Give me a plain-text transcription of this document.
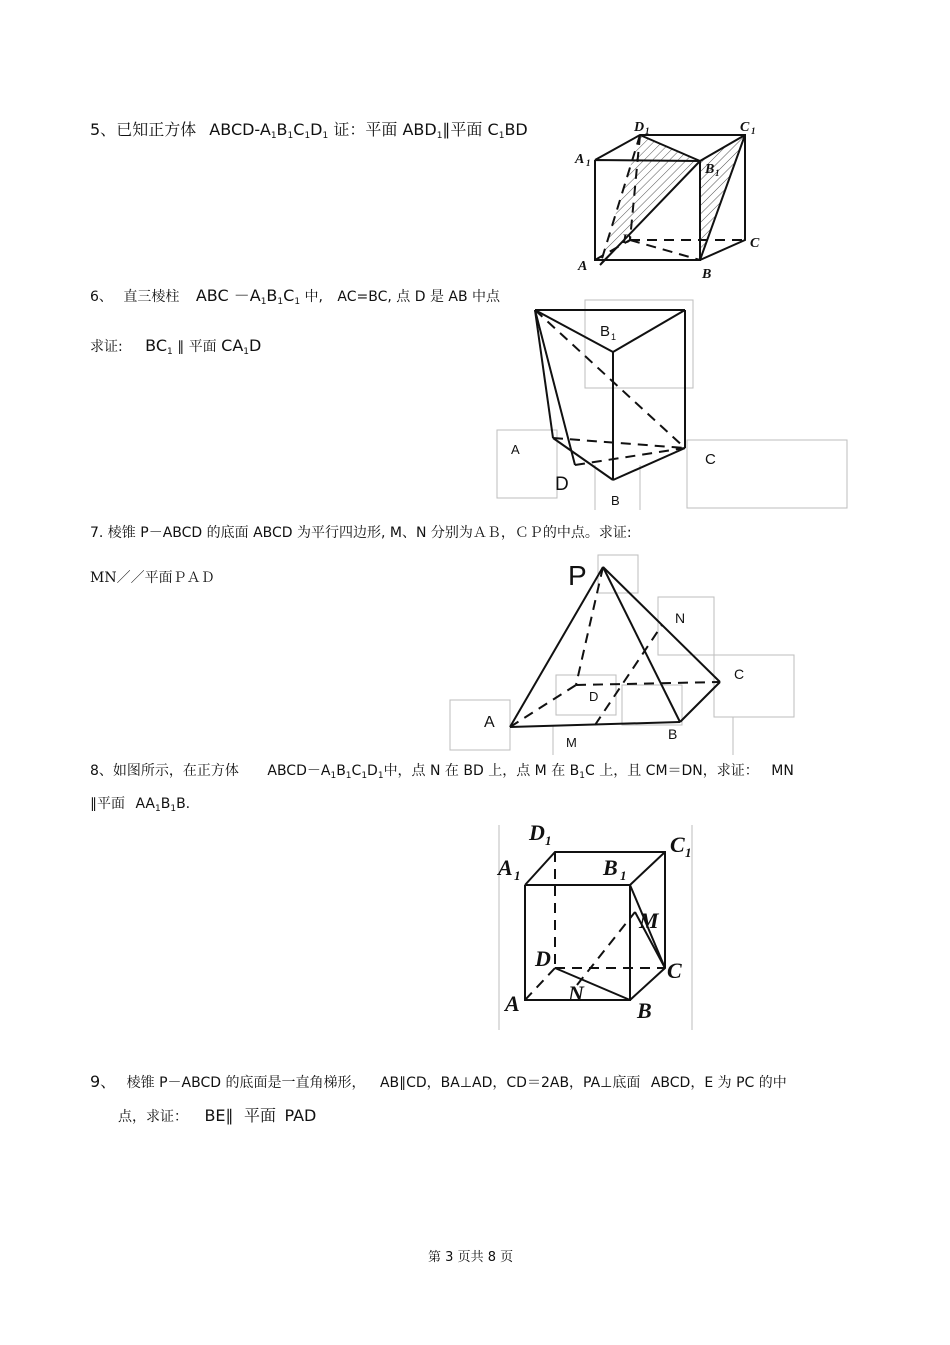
5、已知正方体 ABCD-$A_1B_1C_1D_1$ 证：平面 $ABD_1\parallel$平面 $C_1BD$	D 1	C 1
A 1	B 1
D	C
A
B
6、 直三棱柱 ABC $-A_1B_1C_1$ 中, AC=BC, 点 D 是 AB 中点
求证: $BC_1$ ∥ 平面 $CA_1D$
B 1
A
D
B
C
7. 棱锥 P－ABCD 的底面 ABCD 为平行四边形, M、N 分别为ＡＢ，ＣＰ的中点。求证:
MN／／平面ＰＡＤ	P
N
C
D
A
M
B
8、如图所示，在正方体 $ABCD-A_1B_1C_1D_1$中，点 N 在 BD 上，点 M 在 $B_1C$ 上，且 CM＝DN，求证： MN
∥平面 $AA_1B_1B$.
D 1	C 1
A 1	B 1
M
D	C
N
A	B
9、 棱锥 P－ABCD 的底面是一直角梯形， AB∥CD，BA⊥AD，CD＝2AB，PA⊥底面 ABCD，E 为 PC 的中
点，求证： BE∥ 平面 PAD
第 3 页共 8 页
